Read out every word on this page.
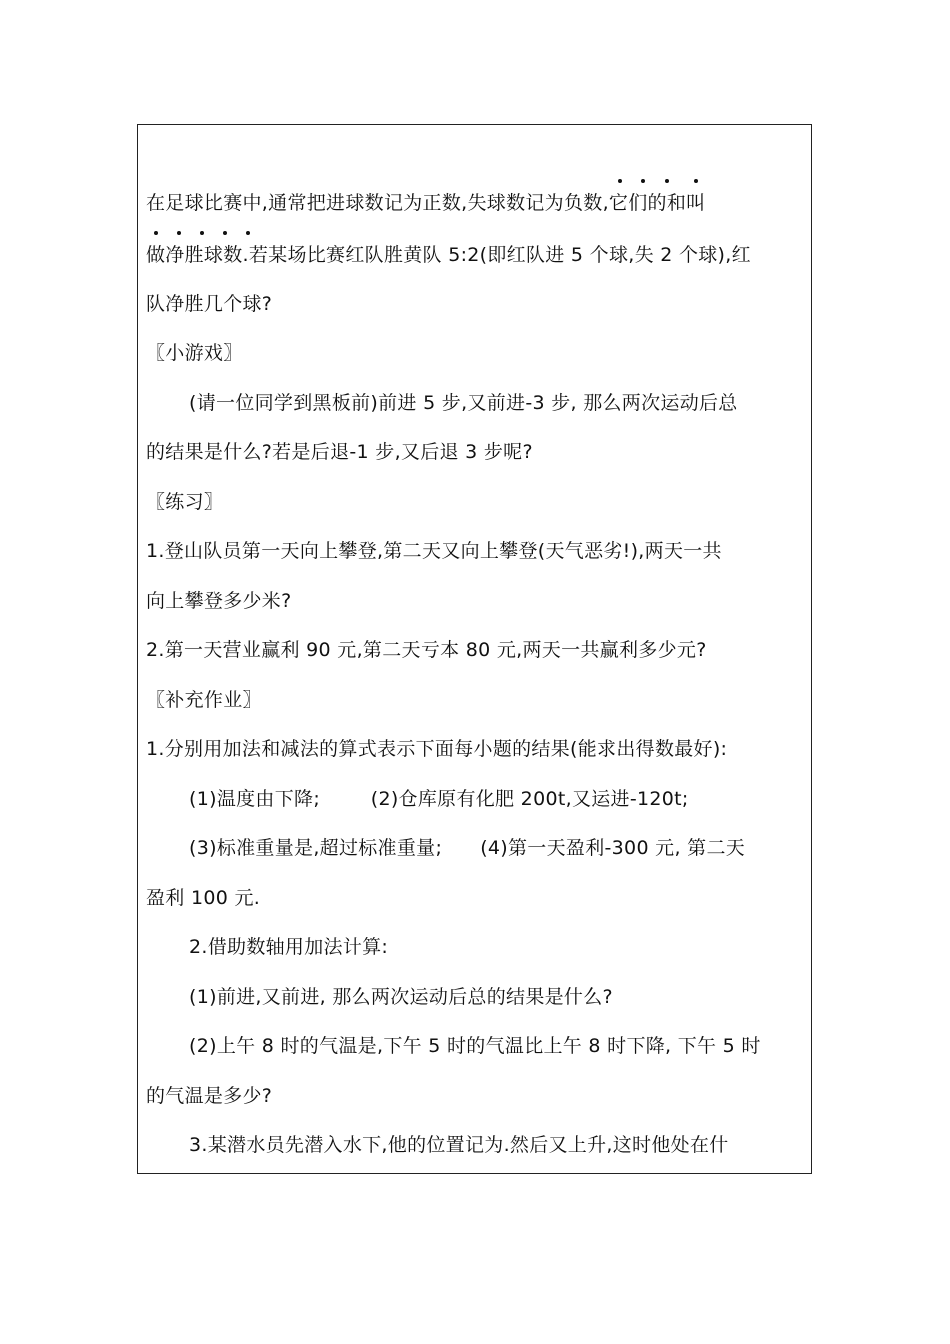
在足球比赛中,通常把进球数记为正数,失球数记为负数,
它们的和
叫
做净胜球数.若某场比赛红队胜黄队 5:2(即红队进 5 个球,失 2 个球),红
队净胜几个球?
〖小游戏〗
(请一位同学到黑板前)前进 5 步,又前进-3 步, 那么两次运动后总
的结果是什么?若是后退-1 步,又后退 3 步呢?
〖练习〗
1.登山队员第一天向上攀登,第二天又向上攀登(天气恶劣!),两天一共
向上攀登多少米?
2.第一天营业赢利 90 元,第二天亏本 80 元,两天一共赢利多少元?
〖补充作业〗
1.分别用加法和减法的算式表示下面每小题的结果(能求出得数最好):
(1)温度由下降;        (2)仓库原有化肥 200t,又运进-120t;
(3)标准重量是,超过标准重量;      (4)第一天盈利-300 元, 第二天
盈利 100 元.
2.借助数轴用加法计算:
(1)前进,又前进, 那么两次运动后总的结果是什么?
(2)上午 8 时的气温是,下午 5 时的气温比上午 8 时下降, 下午 5 时
的气温是多少?
3.某潜水员先潜入水下,他的位置记为.然后又上升,这时他处在什
